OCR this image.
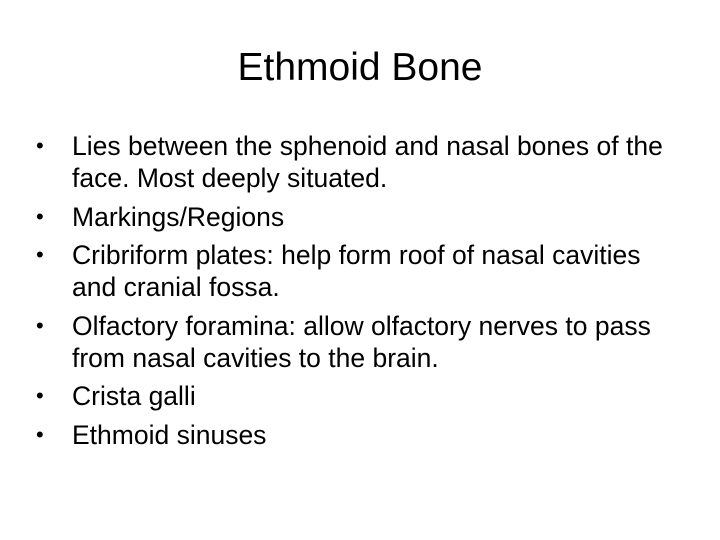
Ethmoid Bone
•	Lies between the sphenoid and nasal bones of the face. Most deeply situated.
•	Markings/Regions
•	Cribriform plates: help form roof of nasal cavities and cranial fossa.
•	Olfactory foramina: allow olfactory nerves to pass from nasal cavities to the brain.
•	Crista galli
•	Ethmoid sinuses
